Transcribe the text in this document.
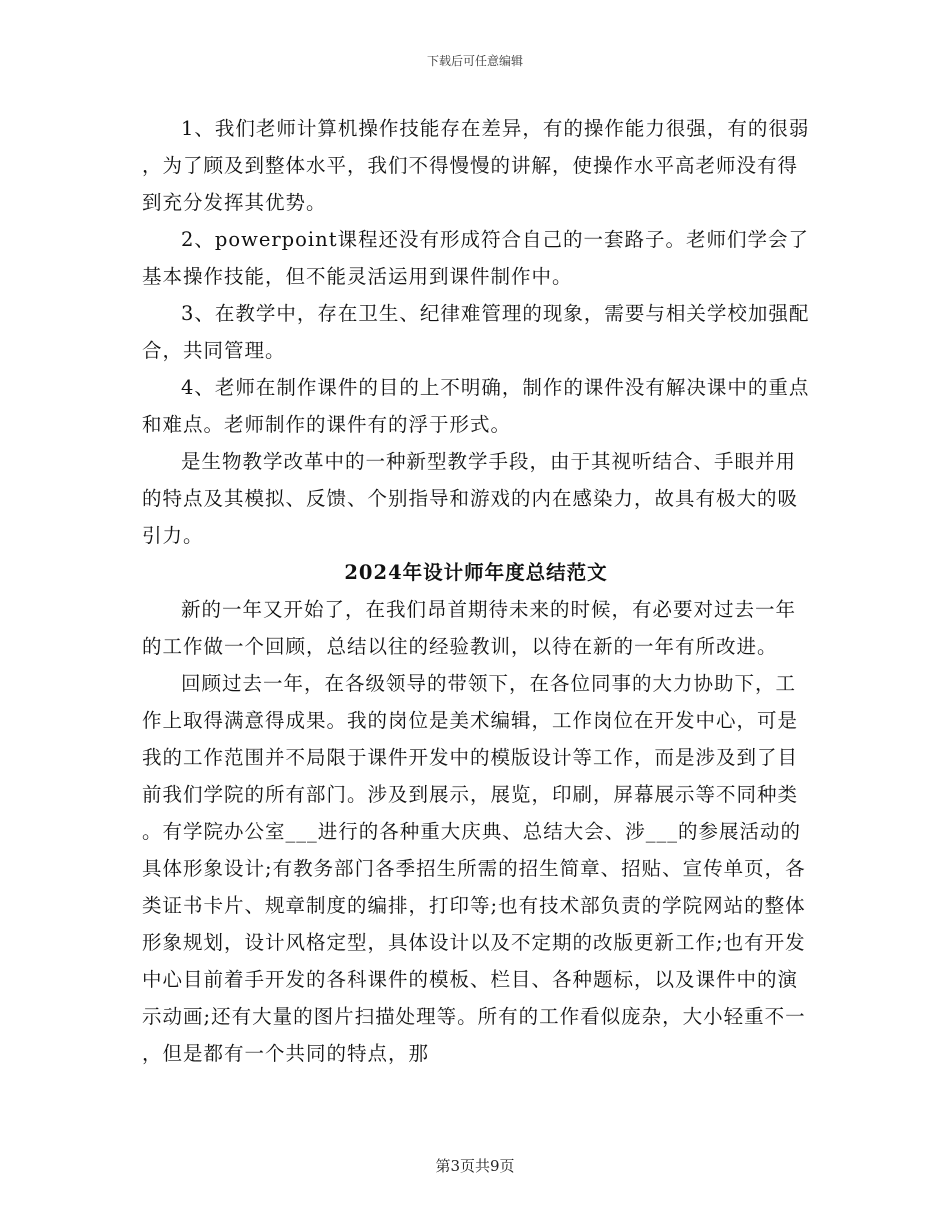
下载后可任意编辑

1、我们老师计算机操作技能存在差异，有的操作能力很强，有的很弱，为了顾及到整体水平，我们不得慢慢的讲解，使操作水平高老师没有得到充分发挥其优势。

2、powerpoint课程还没有形成符合自己的一套路子。老师们学会了基本操作技能，但不能灵活运用到课件制作中。

3、在教学中，存在卫生、纪律难管理的现象，需要与相关学校加强配合，共同管理。

4、老师在制作课件的目的上不明确，制作的课件没有解决课中的重点和难点。老师制作的课件有的浮于形式。

是生物教学改革中的一种新型教学手段，由于其视听结合、手眼并用的特点及其模拟、反馈、个别指导和游戏的内在感染力，故具有极大的吸引力。

2024年设计师年度总结范文

新的一年又开始了，在我们昂首期待未来的时候，有必要对过去一年的工作做一个回顾，总结以往的经验教训，以待在新的一年有所改进。

回顾过去一年，在各级领导的带领下，在各位同事的大力协助下，工作上取得满意得成果。我的岗位是美术编辑，工作岗位在开发中心，可是我的工作范围并不局限于课件开发中的模版设计等工作，而是涉及到了目前我们学院的所有部门。涉及到展示，展览，印刷，屏幕展示等不同种类。有学院办公室___进行的各种重大庆典、总结大会、涉___的参展活动的具体形象设计;有教务部门各季招生所需的招生简章、招贴、宣传单页，各类证书卡片、规章制度的编排，打印等;也有技术部负责的学院网站的整体形象规划，设计风格定型，具体设计以及不定期的改版更新工作;也有开发中心目前着手开发的各科课件的模板、栏目、各种题标，以及课件中的演示动画;还有大量的图片扫描处理等。所有的工作看似庞杂，大小轻重不一，但是都有一个共同的特点，那

第3页共9页
